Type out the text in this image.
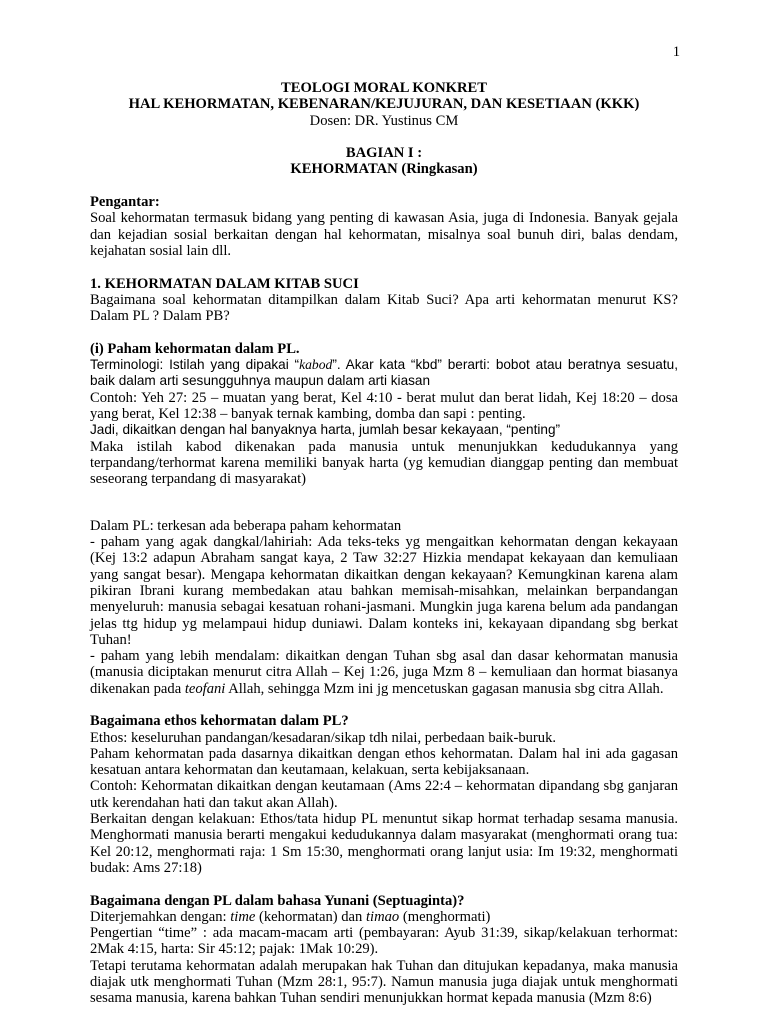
1
TEOLOGI MORAL KONKRET
HAL KEHORMATAN, KEBENARAN/KEJUJURAN, DAN KESETIAAN (KKK)
Dosen: DR. Yustinus CM
BAGIAN I :
KEHORMATAN (Ringkasan)

Pengantar:

Soal kehormatan termasuk bidang yang penting di kawasan Asia, juga di Indonesia. Banyak gejala dan kejadian sosial berkaitan dengan hal kehormatan, misalnya soal bunuh diri, balas dendam, kejahatan sosial lain dll.

1. KEHORMATAN DALAM KITAB SUCI

Bagaimana soal kehormatan ditampilkan dalam Kitab Suci? Apa arti kehormatan menurut KS? Dalam PL ? Dalam PB?

(i) Paham kehormatan dalam PL.

Terminologi: Istilah yang dipakai “kabod”. Akar kata “kbd” berarti: bobot atau beratnya sesuatu, baik dalam arti sesungguhnya maupun dalam arti kiasan

Contoh: Yeh 27: 25 – muatan yang berat, Kel 4:10 - berat mulut dan berat lidah, Kej 18:20 – dosa yang berat, Kel 12:38 – banyak ternak kambing, domba dan sapi : penting.

Jadi, dikaitkan dengan hal banyaknya harta, jumlah besar kekayaan, “penting”

Maka istilah kabod dikenakan pada manusia untuk menunjukkan kedudukannya yang terpandang/terhormat karena memiliki banyak harta (yg kemudian dianggap penting dan membuat seseorang terpandang di masyarakat)

Dalam PL: terkesan ada beberapa paham kehormatan

- paham yang agak dangkal/lahiriah: Ada teks-teks yg mengaitkan kehormatan dengan kekayaan (Kej 13:2 adapun Abraham sangat kaya, 2 Taw 32:27 Hizkia mendapat kekayaan dan kemuliaan yang sangat besar). Mengapa kehormatan dikaitkan dengan kekayaan? Kemungkinan karena alam pikiran Ibrani kurang membedakan atau bahkan memisah-misahkan, melainkan berpandangan menyeluruh: manusia sebagai kesatuan rohani-jasmani. Mungkin juga karena belum ada pandangan jelas ttg hidup yg melampaui hidup duniawi. Dalam konteks ini, kekayaan dipandang sbg berkat Tuhan!

- paham yang lebih mendalam: dikaitkan dengan Tuhan sbg asal dan dasar kehormatan manusia (manusia diciptakan menurut citra Allah – Kej 1:26, juga Mzm 8 – kemuliaan dan hormat biasanya dikenakan pada teofani Allah, sehingga Mzm ini jg mencetuskan gagasan manusia sbg citra Allah.

Bagaimana ethos kehormatan dalam PL?

Ethos: keseluruhan pandangan/kesadaran/sikap tdh nilai, perbedaan baik-buruk.

Paham kehormatan pada dasarnya dikaitkan dengan ethos kehormatan. Dalam hal ini ada gagasan kesatuan antara kehormatan dan keutamaan, kelakuan, serta kebijaksanaan.

Contoh: Kehormatan dikaitkan dengan keutamaan (Ams 22:4 – kehormatan dipandang sbg ganjaran utk kerendahan hati dan takut akan Allah).

Berkaitan dengan kelakuan: Ethos/tata hidup PL menuntut sikap hormat terhadap sesama manusia. Menghormati manusia berarti mengakui kedudukannya dalam masyarakat (menghormati orang tua: Kel 20:12, menghormati raja: 1 Sm 15:30, menghormati orang lanjut usia: Im 19:32, menghormati budak: Ams 27:18)

Bagaimana dengan PL dalam bahasa Yunani (Septuaginta)?

Diterjemahkan dengan: time (kehormatan) dan timao (menghormati)

Pengertian “time” : ada macam-macam arti (pembayaran: Ayub 31:39, sikap/kelakuan terhormat: 2Mak 4:15, harta: Sir 45:12; pajak: 1Mak 10:29).

Tetapi terutama kehormatan adalah merupakan hak Tuhan dan ditujukan kepadanya, maka manusia diajak utk menghormati Tuhan (Mzm 28:1, 95:7). Namun manusia juga diajak untuk menghormati sesama manusia, karena bahkan Tuhan sendiri menunjukkan hormat kepada manusia (Mzm 8:6)
